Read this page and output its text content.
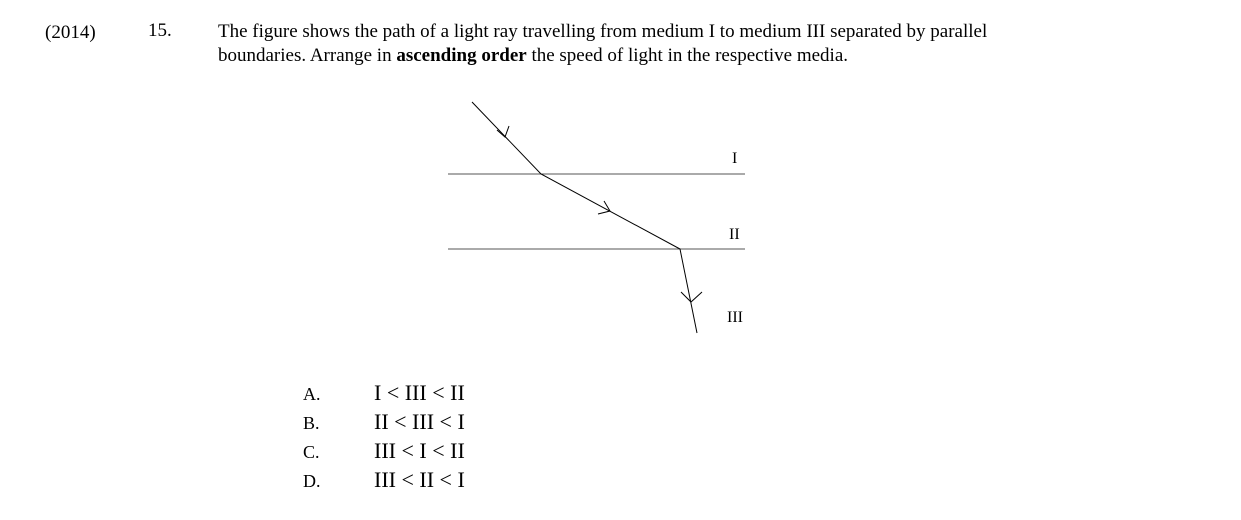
(2014)	15. The figure shows the path of a light ray travelling from medium I to medium III separated by parallel
boundaries. Arrange in ascending order the speed of light in the respective media.
I
II
III
A. I < III < II
B. II < III < I
C. III < I < II
D. III < II < I
